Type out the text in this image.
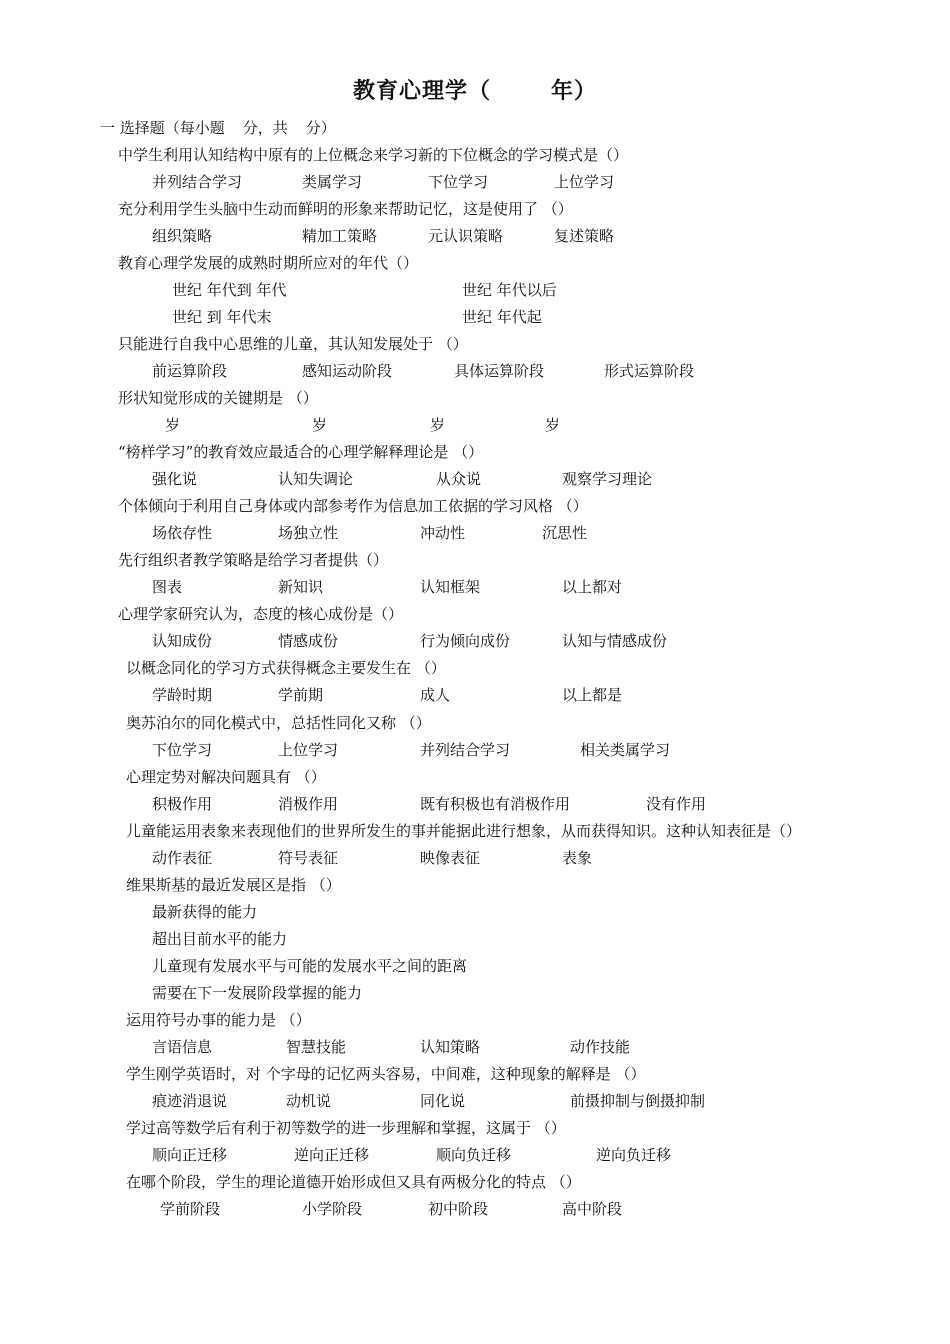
教育心理学（	年）
一 选择题（每小题 分，共 分）
中学生利用认知结构中原有的上位概念来学习新的下位概念的学习模式是（）
并列结合学习	类属学习	下位学习	上位学习
充分利用学生头脑中生动而鲜明的形象来帮助记忆，这是使用了 （）
组织策略	精加工策略	元认识策略	复述策略
教育心理学发展的成熟时期所应对的年代（）
世纪 年代到 年代	世纪 年代以后
世纪 到 年代末	世纪 年代起
只能进行自我中心思维的儿童，其认知发展处于 （）
前运算阶段	感知运动阶段	具体运算阶段	形式运算阶段
形状知觉形成的关键期是 （）
岁	岁	岁	岁
“榜样学习”的教育效应最适合的心理学解释理论是 （）
强化说	认知失调论	从众说	观察学习理论
个体倾向于利用自己身体或内部参考作为信息加工依据的学习风格 （）
场依存性	场独立性	冲动性	沉思性
先行组织者教学策略是给学习者提供（）
图表	新知识	认知框架	以上都对
心理学家研究认为，态度的核心成份是（）
认知成份	情感成份	行为倾向成份	认知与情感成份
以概念同化的学习方式获得概念主要发生在 （）
学龄时期	学前期	成人	以上都是
奥苏泊尔的同化模式中，总括性同化又称 （）
下位学习	上位学习	并列结合学习	相关类属学习
心理定势对解决问题具有 （）
积极作用	消极作用	既有积极也有消极作用	没有作用
儿童能运用表象来表现他们的世界所发生的事并能据此进行想象，从而获得知识。这种认知表征是（）
动作表征	符号表征	映像表征	表象
维果斯基的最近发展区是指 （）
最新获得的能力
超出目前水平的能力
儿童现有发展水平与可能的发展水平之间的距离
需要在下一发展阶段掌握的能力
运用符号办事的能力是 （）
言语信息	智慧技能	认知策略	动作技能
学生刚学英语时，对 个字母的记忆两头容易，中间难，这种现象的解释是 （）
痕迹消退说	动机说	同化说	前摄抑制与倒摄抑制
学过高等数学后有利于初等数学的进一步理解和掌握，这属于 （）
顺向正迁移	逆向正迁移	顺向负迁移	逆向负迁移
在哪个阶段，学生的理论道德开始形成但又具有两极分化的特点 （）
学前阶段	小学阶段	初中阶段	高中阶段
